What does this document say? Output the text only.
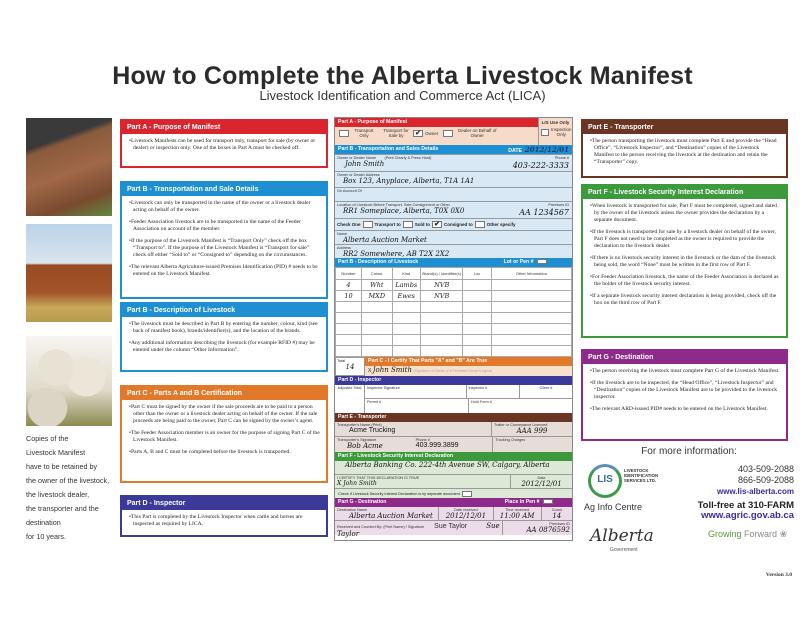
How to Complete the Alberta Livestock Manifest
Livestock Identification and Commerce Act (LICA)
Copies of the
Livestock Manifest
have to be retained by
the owner of the livestock,
the livestock dealer,
the transporter and the
destination
for 10 years.
Part A - Purpose of Manifest
• Livestock Manifests can be used for transport only, transport for sale (by owner or dealer) or inspection only. One of the boxes in Part A must be checked off.
Part B - Transportation and Sale Details
• Livestock can only be transported in the name of the owner or a livestock dealer acting on behalf of the owner.
• Feeder Association livestock are to be transported in the name of the Feeder Association on account of the member.
• If the purpose of the Livestock Manifest is “Transport Only” check off the box “Transport to”. If the purpose of the Livestock Manifest is “Transport for sale” check off either “Sold to” or “Consigned to” depending on the circumstances.
• The relevant Alberta Agriculture-issued Premises Identification (PID) # needs to be entered on the Livestock Manifest.
Part B - Description of Livestock
• The livestock must be described in Part B by entering the number, colour, kind (see back of manifest book), brands/identifier(s), and the location of the brands.
• Any additional information describing the livestock (for example RFID #) may be entered under the column “Other Information”.
Part C - Parts A and B Certification
• Part C must be signed by the owner if the sale proceeds are to be paid to a person other than the owner or a livestock dealer acting on behalf of the owner. If the sale proceeds are being paid to the owner, Part C can be signed by the owner’s agent.
• The Feeder Association member is an owner for the purpose of signing Part C of the Livestock Manifest.
• Parts A, B and C must be completed before the livestock is transported.
Part D - Inspector
• This Part is completed by the Livestock Inspector when cattle and horses are inspected as required by LICA.
Part A - Purpose of Manifest
Transport Only
Transport for Sale by	✔ Owner	Dealer on Behalf of Owner
LIS Use Only
Inspection Only
Part B - Transportation and Sales Details	DATE 2012/12/01
Owner or Dealer Name (Print Clearly & Press Hard)
John Smith
Phone #
403-222-3333
Owner or Dealer Address
Box 123, Anyplace, Alberta, T1A 1A1
On Account Of
Location of Livestock Before Transport, Sale Consignment or Other
RR1 Someplace, Alberta, T0X 0X0
Premises ID
AA 1234567
Check One	Transport to	Sold to ✔ Consigned to	Other specify
Name
Alberta Auction Market
Address
RR2 Somewhere, AB T2X 2X2
Part B - Description of Livestock	Lot or Pen #
Number	Colour	Kind	Brand(s) / Identifier(s)	Loc	Other Information
4	Wht	Lambs	NVB		
10	MXD	Ewes	NVB		

Total
14
Part C - I Certify That Parts "A" and "B" Are True
X John Smith (Signature of Owner or if Permitted Owner's Agent)
Part D - Inspector
Adjusted Total	Inspector Signature	Inspector #	Client #
Permit #	Hold Form #
Part E - Transporter
Transporter's Name (Print)
Acme Trucking
Trailer or Conveyance Licence#
AAA 999
Transporter's Signature
Bob Acme
Phone #
403.999.3899
Trucking Charges
Part F - Livestock Security Interest Declaration
Alberta Banking Co. 222-4th Avenue SW, Calgary, Alberta
I CERTIFY THAT THIS DECLARATION IS TRUE
X John Smith
Date
2012/12/01
Check if Livestock Security Interest Declaration is by separate document
Part G - Destination	Place in Pen #
Destination Name
Alberta Auction Market
Date received
2012/12/01
Time received
11:00 AM
Count
14
Received and Counted By: (Print Name) / Signature Sue Taylor	Sue Taylor
Premises ID
AA 0876592
Part E - Transporter
• The person transporting the livestock must complete Part E and provide the “Head Office”, “Livestock Inspector”, and “Destination” copies of the Livestock Manifest to the person receiving the livestock at the destination and retain the “Transporter” copy.
Part F - Livestock Security Interest Declaration
• When livestock is transported for sale, Part F must be completed, signed and dated by the owner of the livestock unless the owner provides the declaration by a separate document.
• If the livestock is transported for sale by a livestock dealer on behalf of the owner, Part F does not need to be completed as the owner is required to provide the declaration to the livestock dealer.
• If there is no livestock security interest in the livestock or the dam of the livestock being sold, the word “None” must be written in the first row of Part F.
• For Feeder Association livestock, the name of the Feeder Association is declared as the holder of the livestock security interest.
• If a separate livestock security interest declaration is being provided, check off the box on the third row of Part F.
Part G - Destination
• The person receiving the livestock must complete Part G of the Livestock Manifest.
• If the livestock are to be inspected, the “Head Office”, “Livestock Inspector” and “Destination” copies of the Livestock Manifest are to be provided to the livestock inspector.
• The relevant ARD-issued PID# needs to be entered on the Livestock Manifest.
For more information:
LIS
LIVESTOCK
IDENTIFICATION
SERVICES LTD.
403-509-2088
866-509-2088
www.lis-alberta.com
Ag Info Centre	Toll-free at 310-FARM
www.agric.gov.ab.ca
Alberta
Government
Growing Forward ❀
Version 3.0
